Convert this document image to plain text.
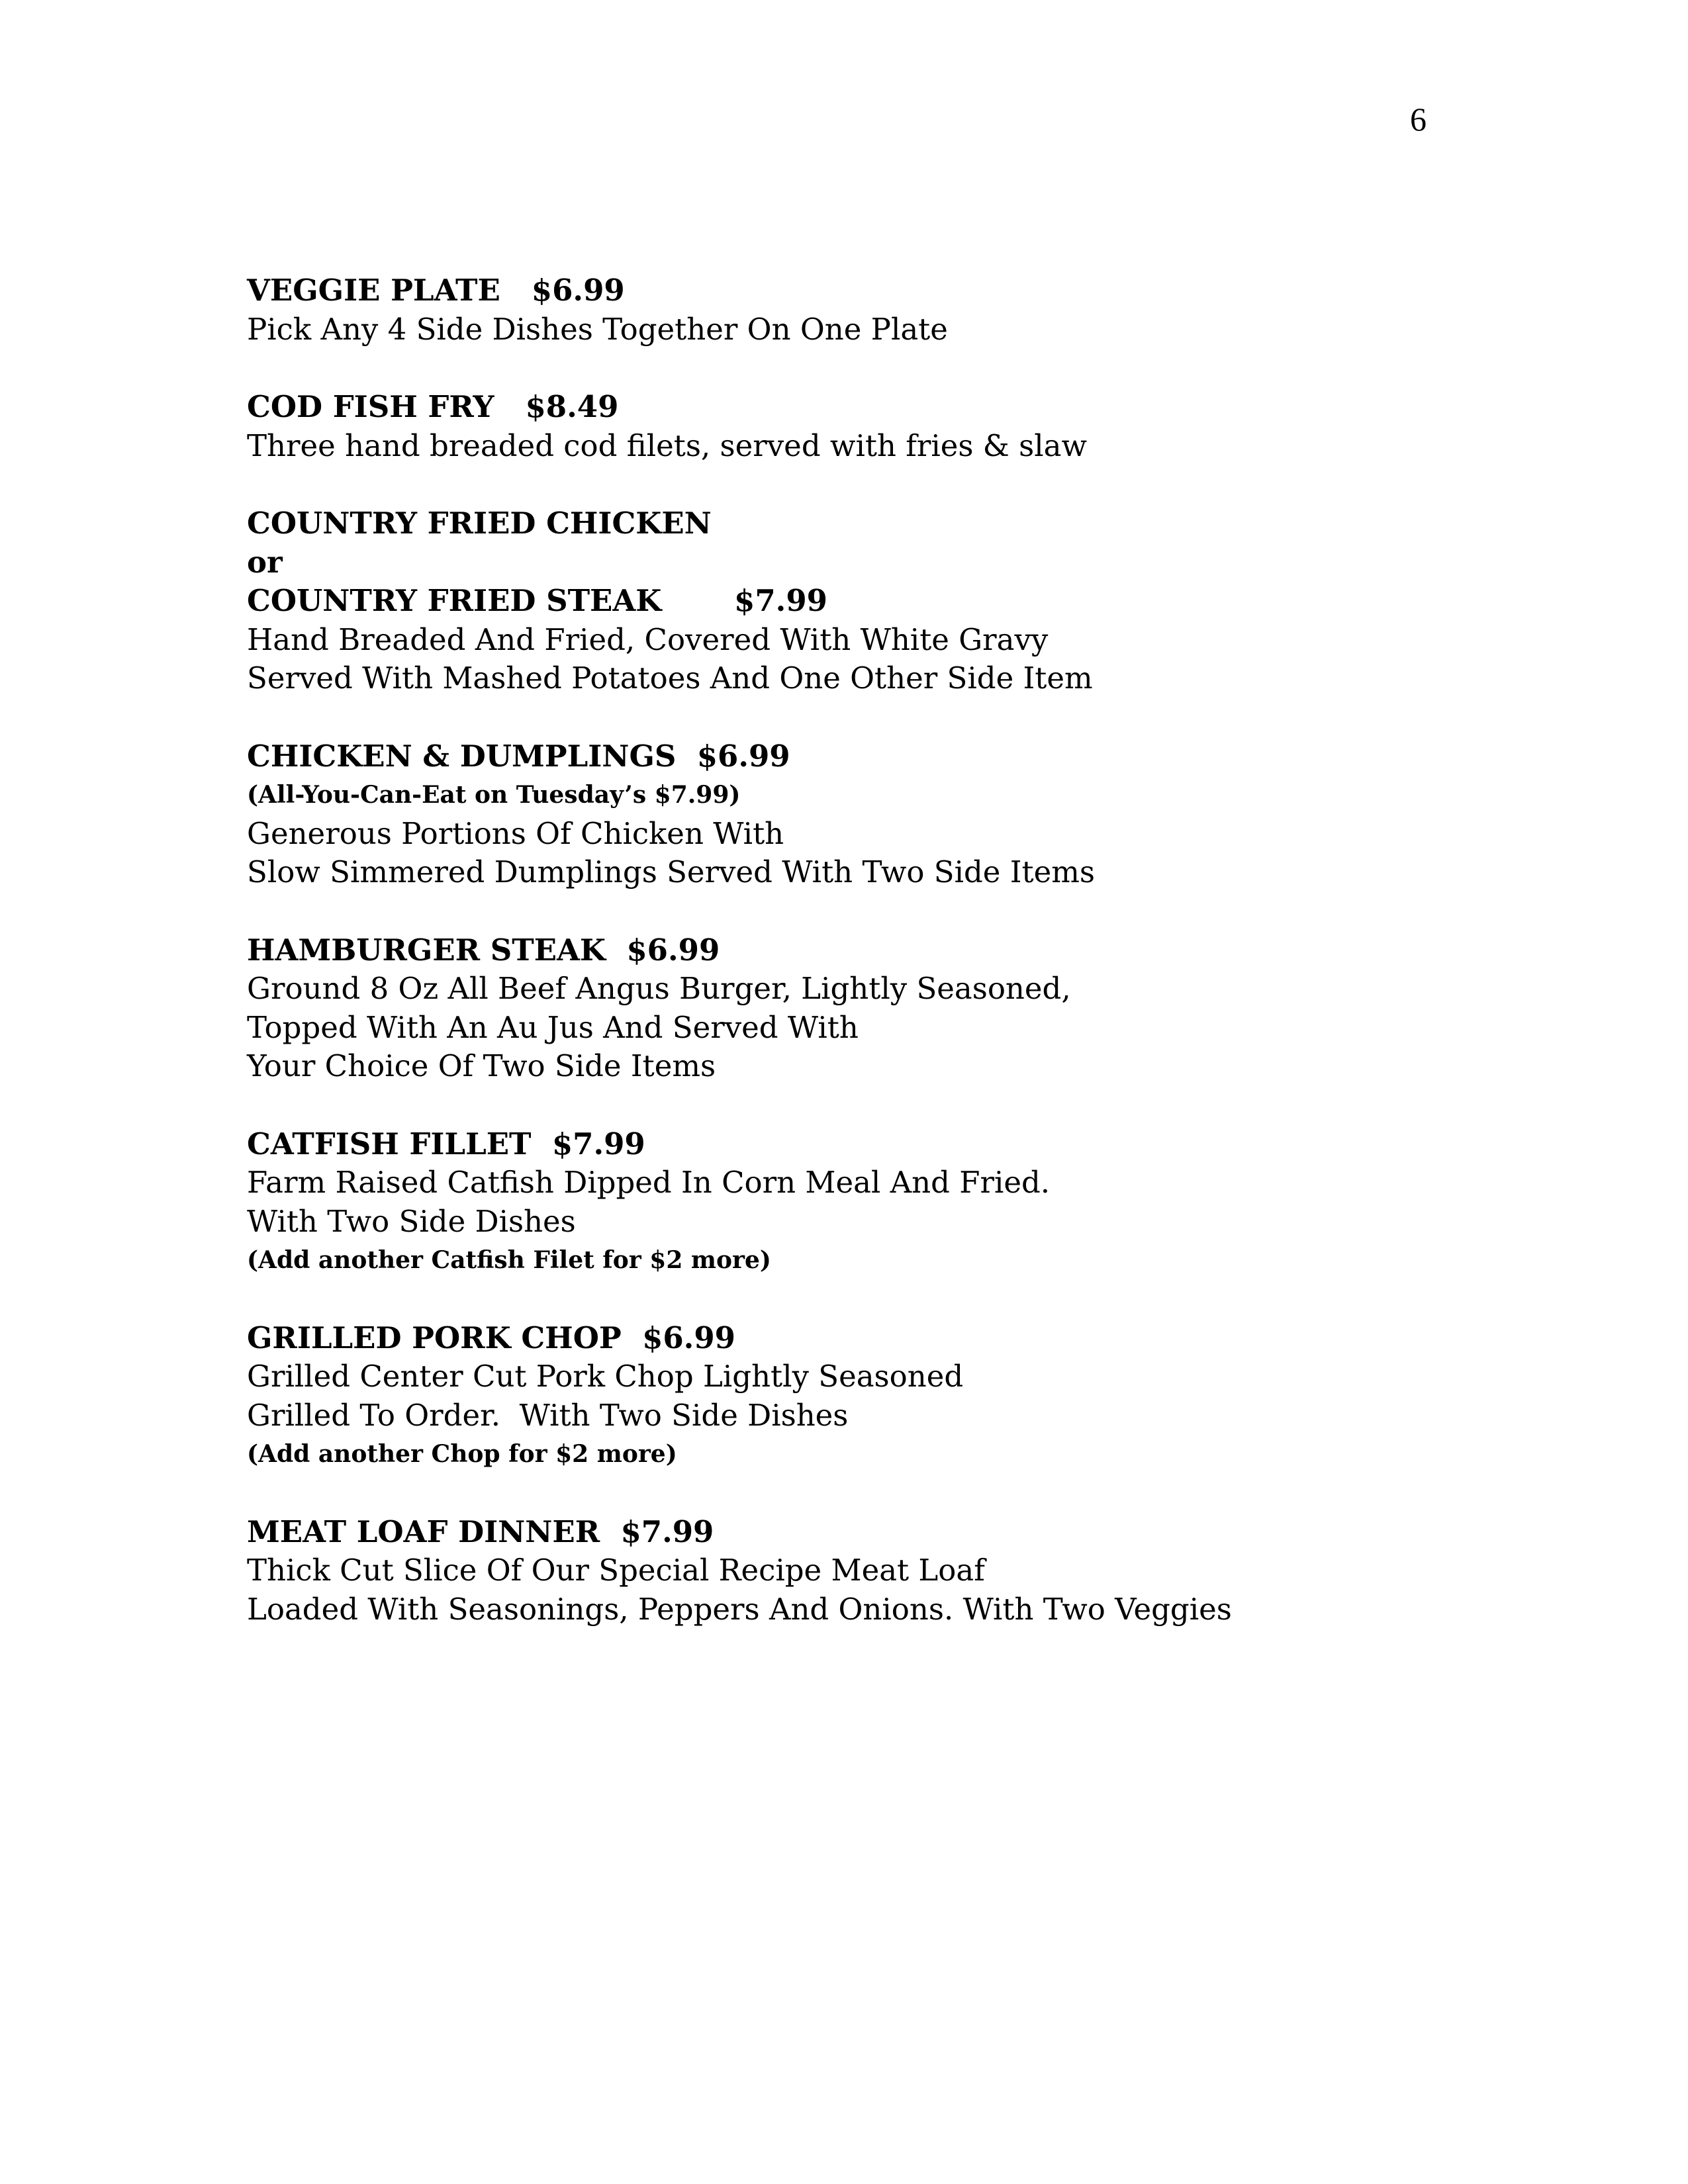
6
VEGGIE PLATE   $6.99
Pick Any 4 Side Dishes Together On One Plate
COD FISH FRY   $8.49
Three hand breaded cod filets, served with fries & slaw
COUNTRY FRIED CHICKEN
or
COUNTRY FRIED STEAK       $7.99
Hand Breaded And Fried, Covered With White Gravy
Served With Mashed Potatoes And One Other Side Item
CHICKEN & DUMPLINGS  $6.99
(All-You-Can-Eat on Tuesday’s $7.99)
Generous Portions Of Chicken With
Slow Simmered Dumplings Served With Two Side Items
HAMBURGER STEAK  $6.99
Ground 8 Oz All Beef Angus Burger, Lightly Seasoned,
Topped With An Au Jus And Served With
Your Choice Of Two Side Items
CATFISH FILLET  $7.99
Farm Raised Catfish Dipped In Corn Meal And Fried.
With Two Side Dishes
(Add another Catfish Filet for $2 more)
GRILLED PORK CHOP  $6.99
Grilled Center Cut Pork Chop Lightly Seasoned
Grilled To Order.  With Two Side Dishes
(Add another Chop for $2 more)
MEAT LOAF DINNER  $7.99
Thick Cut Slice Of Our Special Recipe Meat Loaf
Loaded With Seasonings, Peppers And Onions. With Two Veggies
